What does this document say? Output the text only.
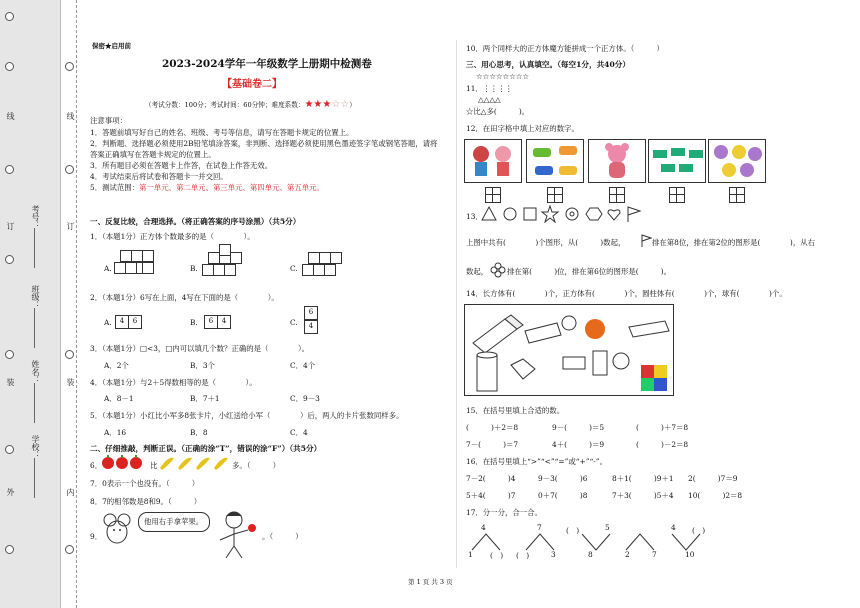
线
订
装
外
线
订
装
内
考号：
班级：
姓名：
学校：
保密★启用前
2023-2024学年一年级数学上册期中检测卷
【基础卷二】
（考试分数：100分；考试时间：60分钟；难度系数：★★★☆☆）
注意事项：
1．答题前填写好自己的姓名、班级、考号等信息，请写在答题卡规定的位置上。
2．判断题、选择题必须使用2B铅笔填涂答案，非判断、选择题必须使用黑色墨迹签字笔或钢笔答题，请将
答案正确填写在答题卡规定的位置上。
3．所有题目必须在答题卡上作答，在试卷上作答无效。
4．考试结束后将试卷和答题卡一并交回。
5．测试范围：第一单元、第二单元、第三单元、第四单元、第五单元。
一、反复比较，合理选择。（将正确答案的序号涂黑）（共5分）
1．（本题1分）正方体个数最多的是（　　　　）。
A.	B.	C.
2．（本题1分）6写在上面，4写在下面的是（　　　　）。
A.	4	6	B.	6	4	C.
6
4
3．（本题1分）□<3，□内可以填几个数？正确的是（　　　　）。
A．2个	B．3个	C．4个
4．（本题1分）与2＋5得数相等的是（　　　　）。
A．8－1	B．7＋1	C．9－3
5．（本题1分）小红比小军多8张卡片，小红送给小军（　　　　）后，两人的卡片张数同样多。
A．16	B．8	C．4
二、仔细推敲，判断正误。（正确的涂“T”，错误的涂“F”）（共5分）
6．	比	多。（　　　）
7．0表示一个也没有。（　　　）
8．7的相邻数是8和9。（　　　）
9．
他用右手拿苹果。
。（　　　）
10．两个同样大的正方体魔方能拼成一个正方体。（　　　）
三、用心思考，认真填空。（每空1分，共40分）
☆☆☆☆☆☆☆☆
11．⋮⋮⋮⋮
△△△△
☆比△多(　　　)。
12．在田字格中填上对应的数字。
13．
上图中共有(　　　　)个图形，从(　　　)数起，	排在第8位，排在第2位的图形是(　　　　)，从右
数起，	排在第(　　　)位，排在第6位的图形是(　　　)。
14．长方体有(　　　　)个，正方体有(　　　　)个，圆柱体有(　　　　)个，球有(　　　　)个。
15．在括号里填上合适的数。
(　　　)＋2＝8	9－(　　　)＝5	(　　　)＋7＝8
7－(　　　)＝7	4＋(　　　)＝9	(　　　)－2＝8
16．在括号里填上“>”“<”“=”或“+”“-”。
7－2(　　　)4	9－3(　　　)6	8＋1(　　　)9＋1 2(　　　)7＝9
5＋4(　　　)7	0＋7(　　　)8	7＋3(　　　)5＋4 10(　　　)2＝8
17．分一分，合一合。
4	7	(　)	5	4 (　)
1 (　) (　)	3	8	2	7	10
第 1 页 共 3 页
